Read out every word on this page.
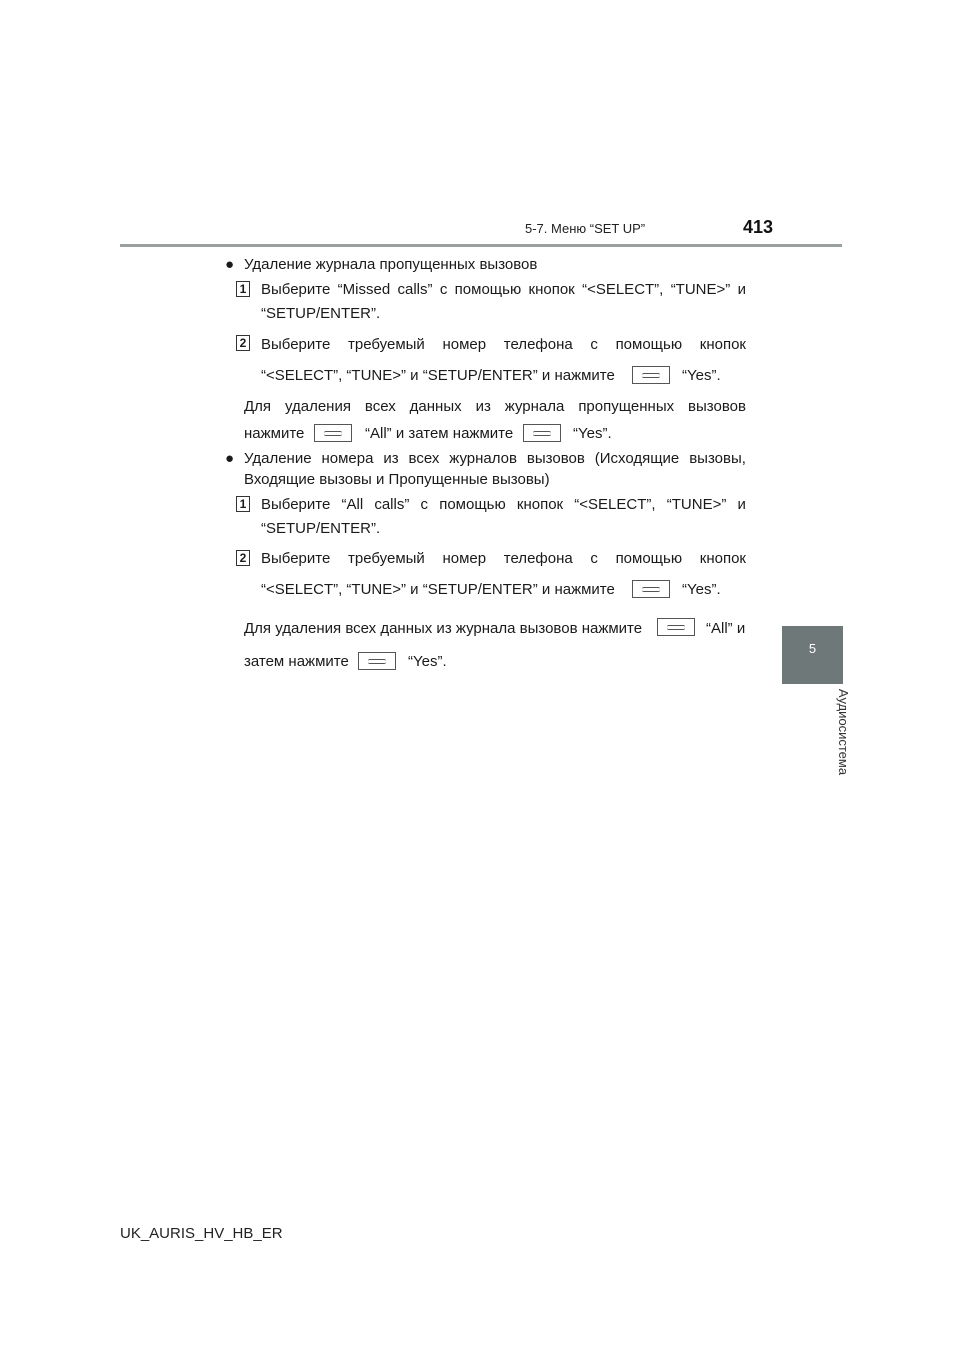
5-7. Меню “SET UP”	413
5
Аудиосистема
● Удаление журнала пропущенных вызовов
1 Выберите “Missed calls” с помощью кнопок “<SELECT”, “TUNE>” и
“SETUP/ENTER”.
2 Выберите требуемый номер телефона с помощью кнопок
“<SELECT”, “TUNE>” и “SETUP/ENTER” и нажмите	“Yes”.
Для удаления всех данных из журнала пропущенных вызовов
нажмите	“All” и затем нажмите	“Yes”.
● Удаление номера из всех журналов вызовов (Исходящие вызовы,
Входящие вызовы и Пропущенные вызовы)
1 Выберите “All calls” с помощью кнопок “<SELECT”, “TUNE>” и
“SETUP/ENTER”.
2 Выберите требуемый номер телефона с помощью кнопок
“<SELECT”, “TUNE>” и “SETUP/ENTER” и нажмите	“Yes”.
Для удаления всех данных из журнала вызовов нажмите	“All” и
затем нажмите	“Yes”.
UK_AURIS_HV_HB_ER
